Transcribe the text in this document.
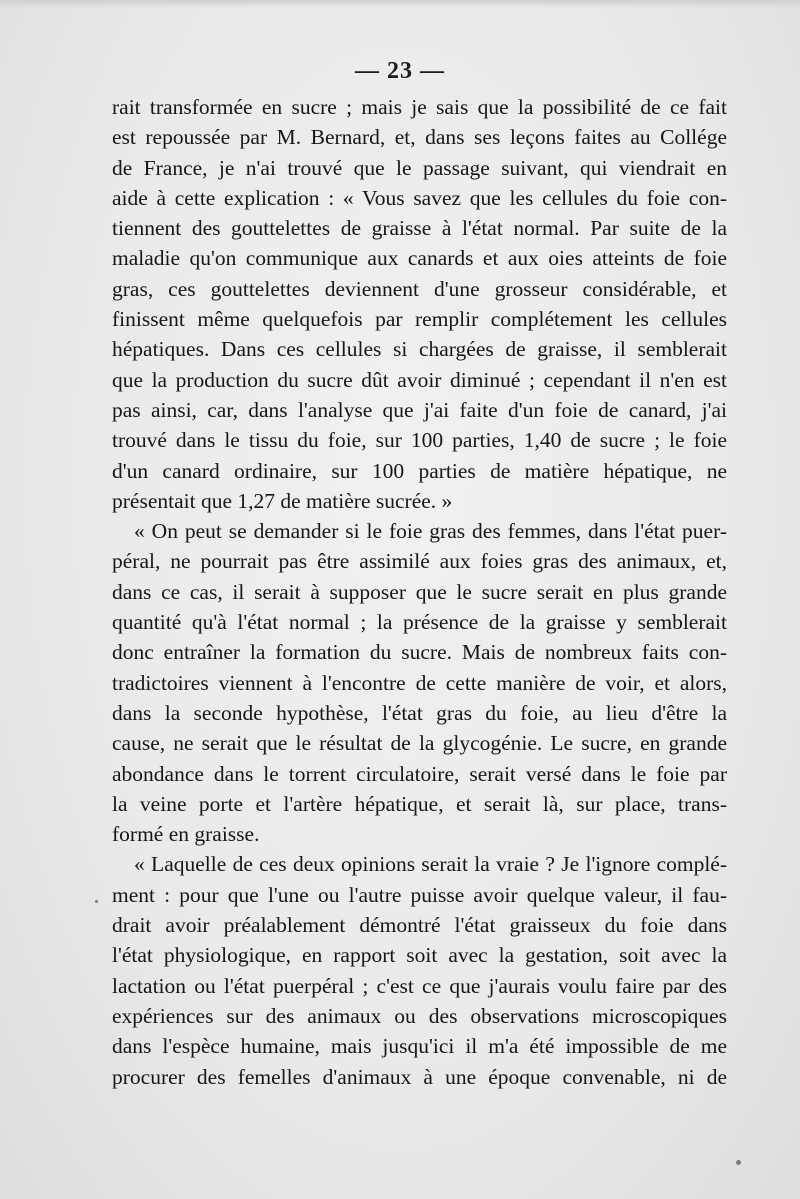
— 23 —
rait transformée en sucre ; mais je sais que la possibilité de ce fait
est repoussée par M. Bernard, et, dans ses leçons faites au Collége
de France, je n'ai trouvé que le passage suivant, qui viendrait en
aide à cette explication : « Vous savez que les cellules du foie con-
tiennent des gouttelettes de graisse à l'état normal. Par suite de la
maladie qu'on communique aux canards et aux oies atteints de foie
gras, ces gouttelettes deviennent d'une grosseur considérable, et
finissent même quelquefois par remplir complétement les cellules
hépatiques. Dans ces cellules si chargées de graisse, il semblerait
que la production du sucre dût avoir diminué ; cependant il n'en est
pas ainsi, car, dans l'analyse que j'ai faite d'un foie de canard, j'ai
trouvé dans le tissu du foie, sur 100 parties, 1,40 de sucre ; le foie
d'un canard ordinaire, sur 100 parties de matière hépatique, ne
présentait que 1,27 de matière sucrée. »
« On peut se demander si le foie gras des femmes, dans l'état puer-
péral, ne pourrait pas être assimilé aux foies gras des animaux, et,
dans ce cas, il serait à supposer que le sucre serait en plus grande
quantité qu'à l'état normal ; la présence de la graisse y semblerait
donc entraîner la formation du sucre. Mais de nombreux faits con-
tradictoires viennent à l'encontre de cette manière de voir, et alors,
dans la seconde hypothèse, l'état gras du foie, au lieu d'être la
cause, ne serait que le résultat de la glycogénie. Le sucre, en grande
abondance dans le torrent circulatoire, serait versé dans le foie par
la veine porte et l'artère hépatique, et serait là, sur place, trans-
formé en graisse.
« Laquelle de ces deux opinions serait la vraie ? Je l'ignore complé-
ment : pour que l'une ou l'autre puisse avoir quelque valeur, il fau-
drait avoir préalablement démontré l'état graisseux du foie dans
l'état physiologique, en rapport soit avec la gestation, soit avec la
lactation ou l'état puerpéral ; c'est ce que j'aurais voulu faire par des
expériences sur des animaux ou des observations microscopiques
dans l'espèce humaine, mais jusqu'ici il m'a été impossible de me
procurer des femelles d'animaux à une époque convenable, ni de
